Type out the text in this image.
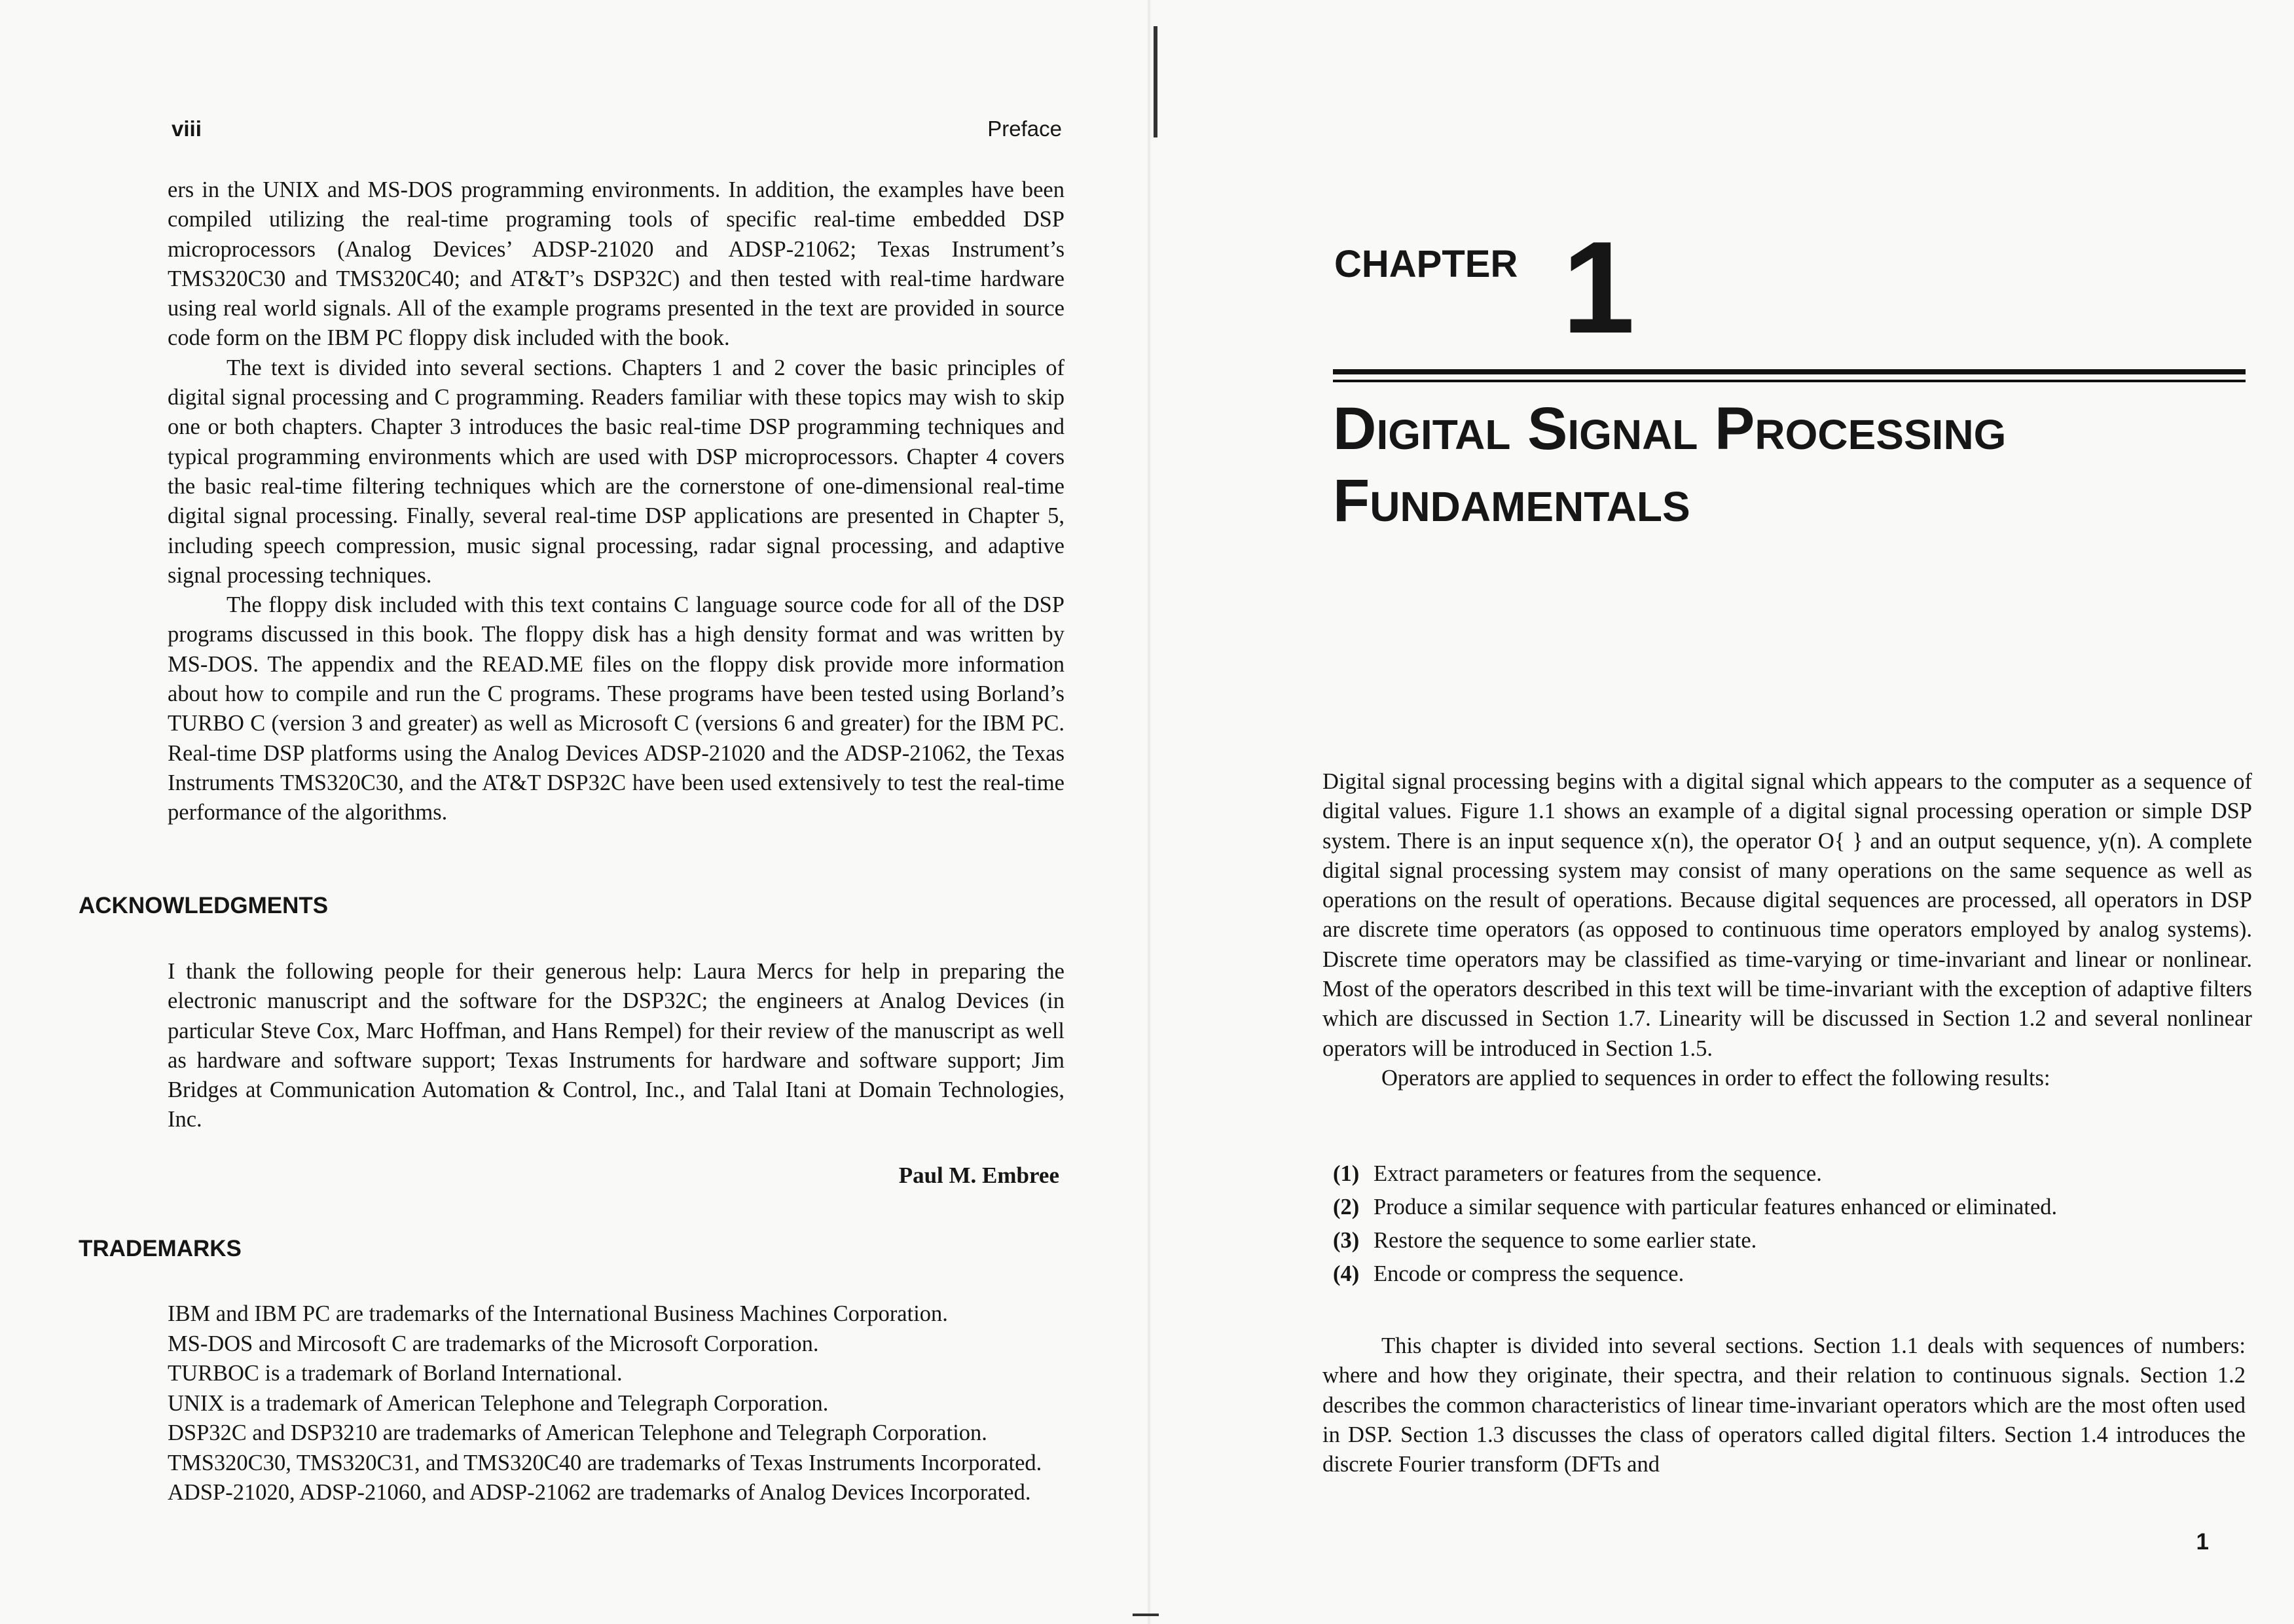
viii	Preface

ers in the UNIX and MS-DOS programming environments. In addition, the examples have been compiled utilizing the real-time programing tools of specific real-time embedded DSP microprocessors (Analog Devices’ ADSP-21020 and ADSP-21062; Texas Instrument’s TMS320C30 and TMS320C40; and AT&T’s DSP32C) and then tested with real-time hardware using real world signals. All of the example programs presented in the text are provided in source code form on the IBM PC floppy disk included with the book.

The text is divided into several sections. Chapters 1 and 2 cover the basic principles of digital signal processing and C programming. Readers familiar with these topics may wish to skip one or both chapters. Chapter 3 introduces the basic real-time DSP programming techniques and typical programming environments which are used with DSP microprocessors. Chapter 4 covers the basic real-time filtering techniques which are the cornerstone of one-dimensional real-time digital signal processing. Finally, several real-time DSP applications are presented in Chapter 5, including speech compression, music signal processing, radar signal processing, and adaptive signal processing techniques.

The floppy disk included with this text contains C language source code for all of the DSP programs discussed in this book. The floppy disk has a high density format and was written by MS-DOS. The appendix and the READ.ME files on the floppy disk provide more information about how to compile and run the C programs. These programs have been tested using Borland’s TURBO C (version 3 and greater) as well as Microsoft C (versions 6 and greater) for the IBM PC. Real-time DSP platforms using the Analog Devices ADSP-21020 and the ADSP-21062, the Texas Instruments TMS320C30, and the AT&T DSP32C have been used extensively to test the real-time performance of the algorithms.

ACKNOWLEDGMENTS

I thank the following people for their generous help: Laura Mercs for help in preparing the electronic manuscript and the software for the DSP32C; the engineers at Analog Devices (in particular Steve Cox, Marc Hoffman, and Hans Rempel) for their review of the manuscript as well as hardware and software support; Texas Instruments for hardware and software support; Jim Bridges at Communication Automation & Control, Inc., and Talal Itani at Domain Technologies, Inc.

Paul M. Embree
TRADEMARKS
IBM and IBM PC are trademarks of the International Business Machines Corporation.
MS-DOS and Mircosoft C are trademarks of the Microsoft Corporation.
TURBOC is a trademark of Borland International.
UNIX is a trademark of American Telephone and Telegraph Corporation.
DSP32C and DSP3210 are trademarks of American Telephone and Telegraph Corporation.
TMS320C30, TMS320C31, and TMS320C40 are trademarks of Texas Instruments Incorporated.
ADSP-21020, ADSP-21060, and ADSP-21062 are trademarks of Analog Devices Incorporated.
CHAPTER 1
Digital Signal Processing
Fundamentals

Digital signal processing begins with a digital signal which appears to the computer as a sequence of digital values. Figure 1.1 shows an example of a digital signal processing operation or simple DSP system. There is an input sequence x(n), the operator O{ } and an output sequence, y(n). A complete digital signal processing system may consist of many operations on the same sequence as well as operations on the result of operations. Because digital sequences are processed, all operators in DSP are discrete time operators (as opposed to continuous time operators employed by analog systems). Discrete time operators may be classified as time-varying or time-invariant and linear or nonlinear. Most of the operators described in this text will be time-invariant with the exception of adaptive filters which are discussed in Section 1.7. Linearity will be discussed in Section 1.2 and several nonlinear operators will be introduced in Section 1.5.

Operators are applied to sequences in order to effect the following results:

(1) Extract parameters or features from the sequence.
(2) Produce a similar sequence with particular features enhanced or eliminated.
(3) Restore the sequence to some earlier state.
(4) Encode or compress the sequence.

This chapter is divided into several sections. Section 1.1 deals with sequences of numbers: where and how they originate, their spectra, and their relation to continuous signals. Section 1.2 describes the common characteristics of linear time-invariant operators which are the most often used in DSP. Section 1.3 discusses the class of operators called digital filters. Section 1.4 introduces the discrete Fourier transform (DFTs and

1
